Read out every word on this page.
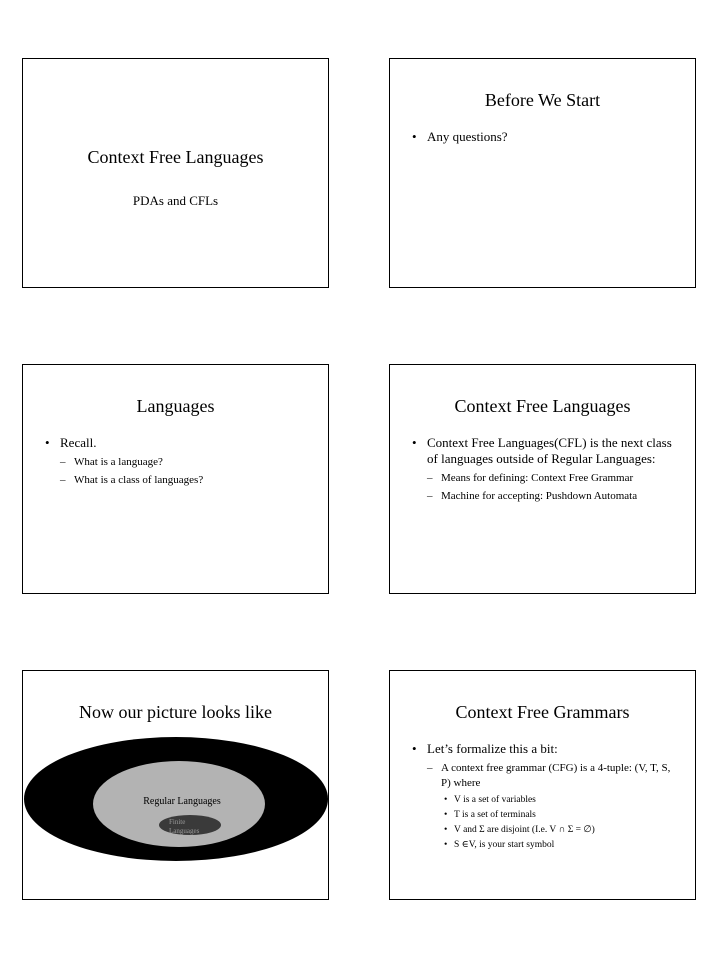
Context Free Languages
PDAs and CFLs
Before We Start
• Any questions?
Languages
• Recall.
– What is a language?
– What is a class of languages?
Context Free Languages
• Context Free Languages(CFL) is the next class of languages outside of Regular Languages:
– Means for defining: Context Free Grammar
– Machine for accepting: Pushdown Automata
Now our picture looks like
Regular Languages
Finite
Languages
Context Free Grammars
• Let’s formalize this a bit:
– A context free grammar (CFG) is a 4-tuple: (V, T, S, P) where
• V is a set of variables
• T is a set of terminals
• V and Σ are disjoint (I.e. V ∩ Σ = ∅)
• S ∈V, is your start symbol
